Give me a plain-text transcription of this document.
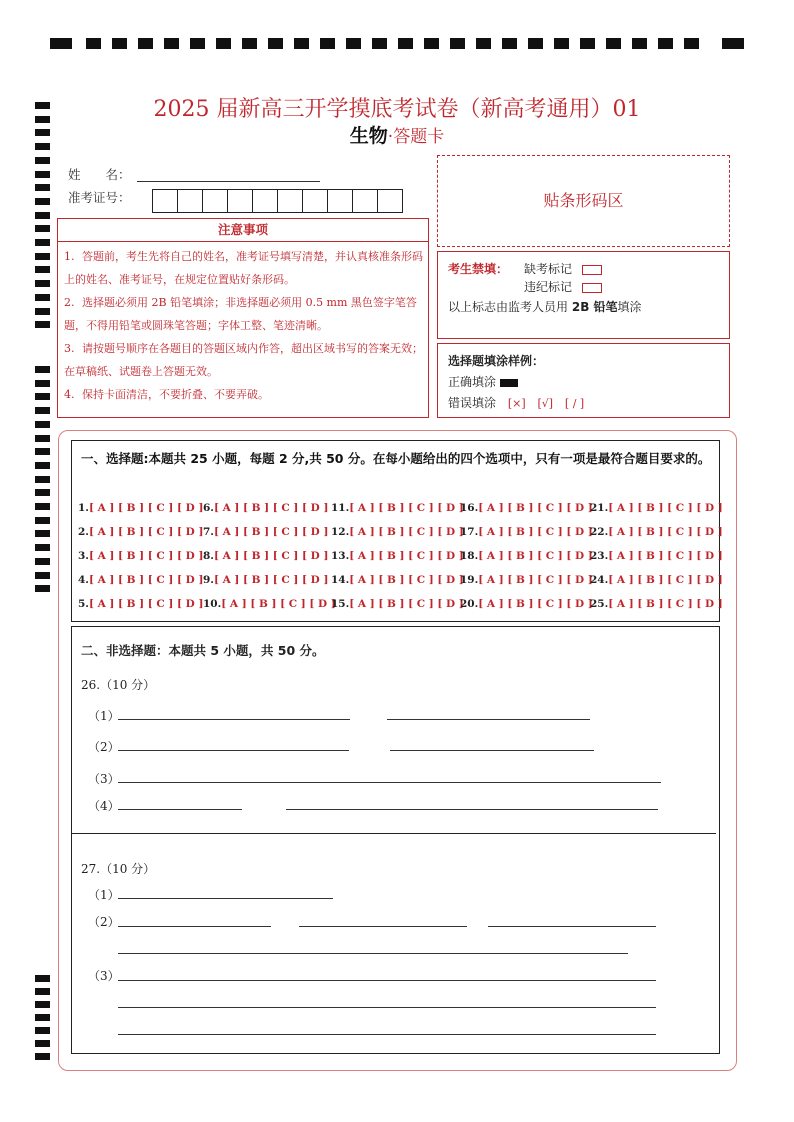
2025 届新高三开学摸底考试卷（新高考通用）01
生物·答题卡
姓　　名：
准考证号：	贴条形码区
注意事项
1. 答题前，考生先将自己的姓名，准考证号填写清楚，并认真核准条形码上的姓名、准考证号，在规定位置贴好条形码。
2. 选择题必须用 2B 铅笔填涂；非选择题必须用 0.5 mm 黑色签字笔答题，不得用铅笔或圆珠笔答题；字体工整、笔迹清晰。
3. 请按题号顺序在各题目的答题区域内作答，超出区域书写的答案无效；在草稿纸、试题卷上答题无效。
4. 保持卡面清洁，不要折叠、不要弄破。
考生禁填： 缺考标记
违纪标记
以上标志由监考人员用 2B 铅笔填涂
选择题填涂样例：
正确填涂
错误填涂 [×] [√] [ / ]
一、选择题:本题共 25 小题，每题 2 分,共 50 分。在每小题给出的四个选项中，只有一项是最符合题目要求的。
1.[ A ] [ B ] [ C ] [ D ]
2.[ A ] [ B ] [ C ] [ D ]
3.[ A ] [ B ] [ C ] [ D ]
4.[ A ] [ B ] [ C ] [ D ]
5.[ A ] [ B ] [ C ] [ D ]
6.[ A ] [ B ] [ C ] [ D ]
7.[ A ] [ B ] [ C ] [ D ]
8.[ A ] [ B ] [ C ] [ D ]
9.[ A ] [ B ] [ C ] [ D ]
10.[ A ] [ B ] [ C ] [ D ]
11.[ A ] [ B ] [ C ] [ D ]
12.[ A ] [ B ] [ C ] [ D ]
13.[ A ] [ B ] [ C ] [ D ]
14.[ A ] [ B ] [ C ] [ D ]
15.[ A ] [ B ] [ C ] [ D ]
16.[ A ] [ B ] [ C ] [ D ]
17.[ A ] [ B ] [ C ] [ D ]
18.[ A ] [ B ] [ C ] [ D ]
19.[ A ] [ B ] [ C ] [ D ]
20.[ A ] [ B ] [ C ] [ D ]
21.[ A ] [ B ] [ C ] [ D ]
22.[ A ] [ B ] [ C ] [ D ]
23.[ A ] [ B ] [ C ] [ D ]
24.[ A ] [ B ] [ C ] [ D ]
25.[ A ] [ B ] [ C ] [ D ]
二、非选择题：本题共 5 小题，共 50 分。
26.（10 分）
（1）
（2）
（3）
（4）
27.（10 分）
（1）
（2）
（3）
